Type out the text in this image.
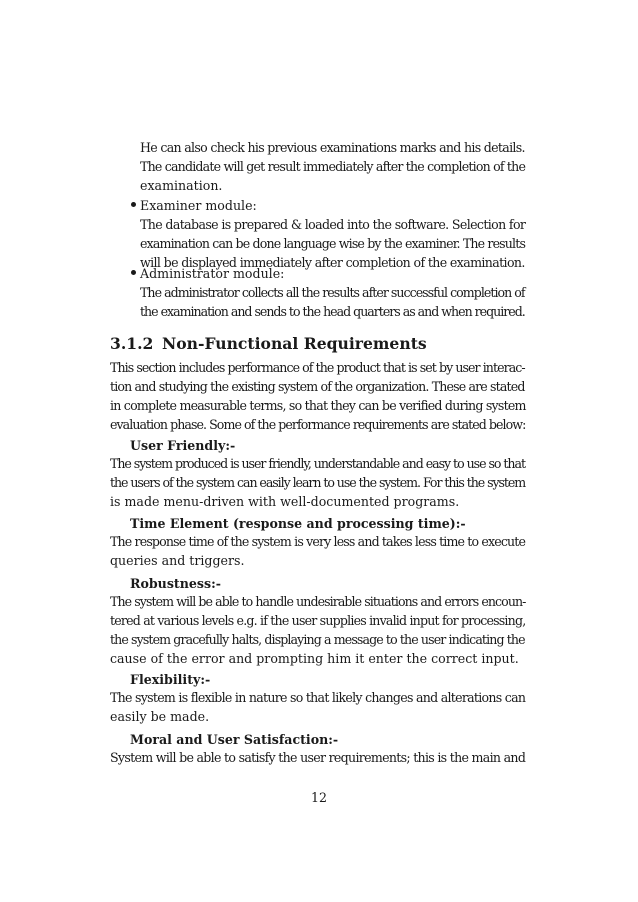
He can also check his previous examinations marks and his details.
The candidate will get result immediately after the completion of the
examination.
Examiner module:
The database is prepared & loaded into the software. Selection for
examination can be done language wise by the examiner. The results
will be displayed immediately after completion of the examination.
Administrator module:
The administrator collects all the results after successful completion of
the examination and sends to the head quarters as and when required.
3.1.2 Non-Functional Requirements
This section includes performance of the product that is set by user interac-
tion and studying the existing system of the organization. These are stated
in complete measurable terms, so that they can be verified during system
evaluation phase. Some of the performance requirements are stated below:
User Friendly:-
The system produced is user friendly, understandable and easy to use so that
the users of the system can easily learn to use the system. For this the system
is made menu-driven with well-documented programs.
Time Element (response and processing time):-
The response time of the system is very less and takes less time to execute
queries and triggers.
Robustness:-
The system will be able to handle undesirable situations and errors encoun-
tered at various levels e.g. if the user supplies invalid input for processing,
the system gracefully halts, displaying a message to the user indicating the
cause of the error and prompting him it enter the correct input.
Flexibility:-
The system is flexible in nature so that likely changes and alterations can
easily be made.
Moral and User Satisfaction:-
System will be able to satisfy the user requirements; this is the main and
12
